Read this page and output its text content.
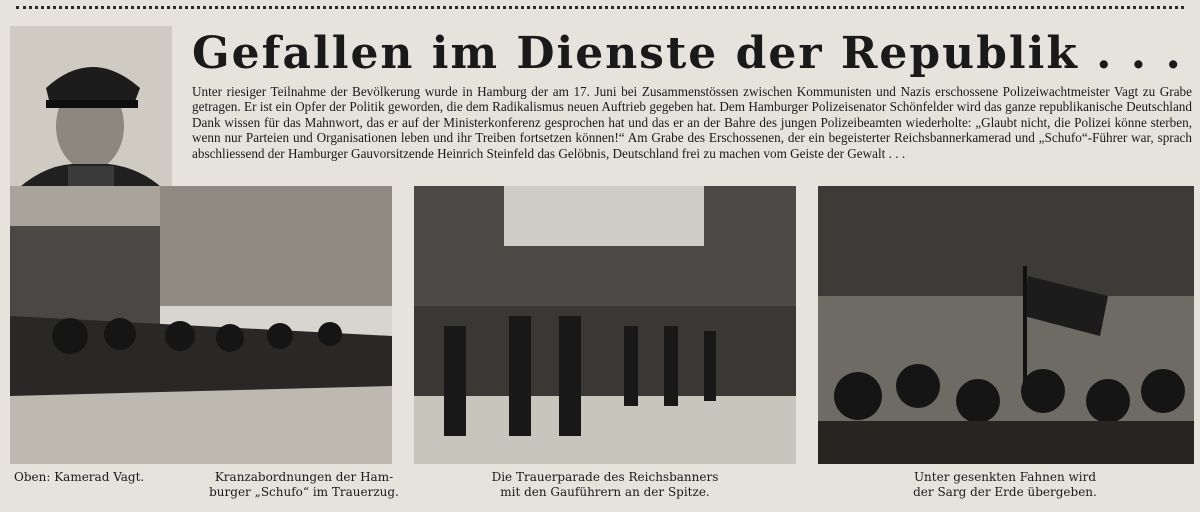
Gefallen im Dienste der Republik . . .
Unter riesiger Teilnahme der Bevölkerung wurde in Hamburg der am 17. Juni bei Zusammenstössen zwischen Kommunisten und Nazis erschossene Polizeiwachtmeister Vagt zu Grabe getragen. Er ist ein Opfer der Politik geworden, die dem Radikalismus neuen Auftrieb gegeben hat. Dem Hamburger Polizeisenator Schönfelder wird das ganze republikanische Deutschland Dank wissen für das Mahnwort, das er auf der Ministerkonferenz gesprochen hat und das er an der Bahre des jungen Polizeibeamten wiederholte: „Glaubt nicht, die Polizei könne sterben, wenn nur Parteien und Organisationen leben und ihr Treiben fortsetzen können!“ Am Grabe des Erschossenen, der ein begeisterter Reichsbannerkamerad und „Schufo“-Führer war, sprach abschliessend der Hamburger Gauvorsitzende Heinrich Steinfeld das Gelöbnis, Deutschland frei zu machen vom Geiste der Gewalt . . .
Oben: Kamerad Vagt.	Kranzabordnungen der Ham-
burger „Schufo“ im Trauerzug.
Die Trauerparade des Reichsbanners
mit den Gauführern an der Spitze.
Unter gesenkten Fahnen wird
der Sarg der Erde übergeben.
